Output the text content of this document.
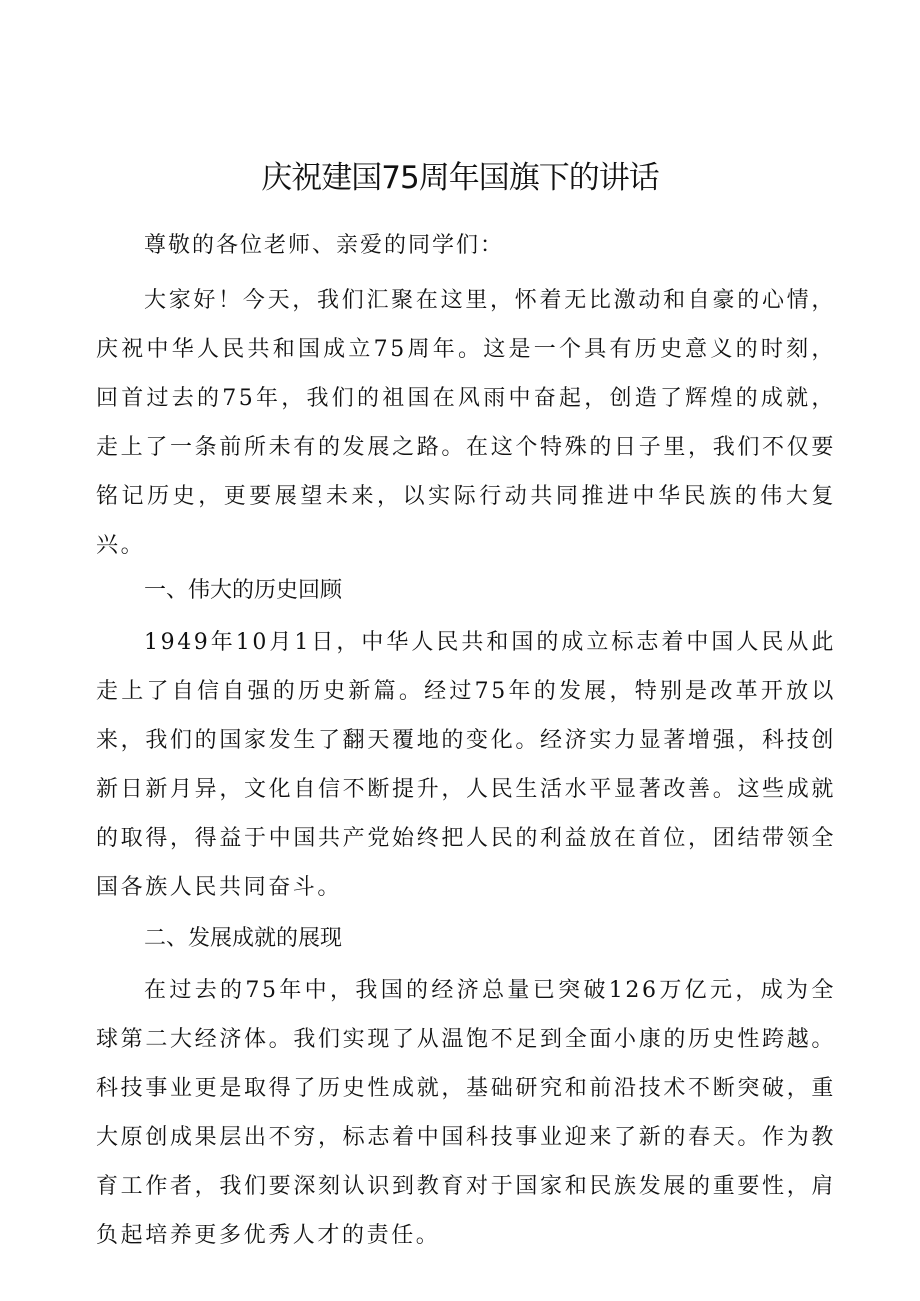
庆祝建国75周年国旗下的讲话

尊敬的各位老师、亲爱的同学们：

大家好！今天，我们汇聚在这里，怀着无比激动和自豪的心情，庆祝中华人民共和国成立75周年。这是一个具有历史意义的时刻，回首过去的75年，我们的祖国在风雨中奋起，创造了辉煌的成就，走上了一条前所未有的发展之路。在这个特殊的日子里，我们不仅要铭记历史，更要展望未来，以实际行动共同推进中华民族的伟大复兴。

一、伟大的历史回顾

1949年10月1日，中华人民共和国的成立标志着中国人民从此走上了自信自强的历史新篇。经过75年的发展，特别是改革开放以来，我们的国家发生了翻天覆地的变化。经济实力显著增强，科技创新日新月异，文化自信不断提升，人民生活水平显著改善。这些成就的取得，得益于中国共产党始终把人民的利益放在首位，团结带领全国各族人民共同奋斗。

二、发展成就的展现

在过去的75年中，我国的经济总量已突破126万亿元，成为全球第二大经济体。我们实现了从温饱不足到全面小康的历史性跨越。科技事业更是取得了历史性成就，基础研究和前沿技术不断突破，重大原创成果层出不穷，标志着中国科技事业迎来了新的春天。作为教育工作者，我们要深刻认识到教育对于国家和民族发展的重要性，肩负起培养更多优秀人才的责任。
